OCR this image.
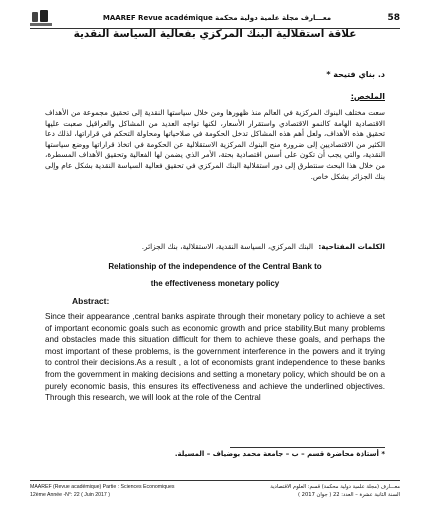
MAAREF Revue académique معـــارف مجلة علمية دولية محكمة	58
علاقة استقلالية البنك المركزي بفعالية السياسة النقدية
د. بناي فتيحة *
الملخص:
سعت مختلف البنوك المركزية في العالم منذ ظهورها ومن خلال سياستها النقدية إلى تحقيق مجموعة من الأهداف الاقتصادية الهامة كالنمو الاقتصادي واستقرار الأسعار، لكنها تواجه العديد من المشاكل والعراقيل صعبت عليها تحقيق هذه الأهداف، ولعل أهم هذه المشاكل تدخل الحكومة في صلاحياتها ومحاولة التحكم في قراراتها، لذلك دعا الكثير من الاقتصاديين إلى ضرورة منح البنوك المركزية الاستقلالية عن الحكومة في اتخاذ قراراتها ووضع سياستها النقدية، والتي يجب أن تكون على أسس اقتصادية بحتة، الأمر الذي يضمن لها الفعالية وتحقيق الأهداف المسطرة، من خلال هذا البحث سنتطرق إلى دور استقلالية البنك المركزي في تحقيق فعالية السياسة النقدية بشكل عام وإلى بنك الجزائر بشكل خاص.
الكلمات المفتاحية: البنك المركزي، السياسة النقدية، الاستقلالية، بنك الجزائر.
Relationship of the independence of the Central Bank to
the effectiveness monetary policy
Abstract:
Since their appearance ,central banks aspirate through their monetary policy to achieve a set of important economic goals such as economic growth and price stability.But many problems and obstacles made this situation difficult for them to achieve these goals, and perhaps the most important of these problems, is the government interference in the powers and it trying to control their decisions.As a result , a lot of economists grant independence to these banks from the government in making decisions and setting a monetary policy, which should be on a purely economic basis, this ensures its effectiveness and achieve the underlined objectives. Through this research, we will look at the role of the Central
* أستاذة محاضرة قسم – ب – جامعة محمد بوضياف – المسيلة.
MAAREF (Revue académique) Partie : Sciences Economiques
12ème Année -N°: 22 ( Juin 2017 )
معـــارف (مجلة علمية دولية محكمة) قسم: العلوم الاقتصادية
السنة الثانية عشرة – العدد: 22 ( جوان 2017 )
